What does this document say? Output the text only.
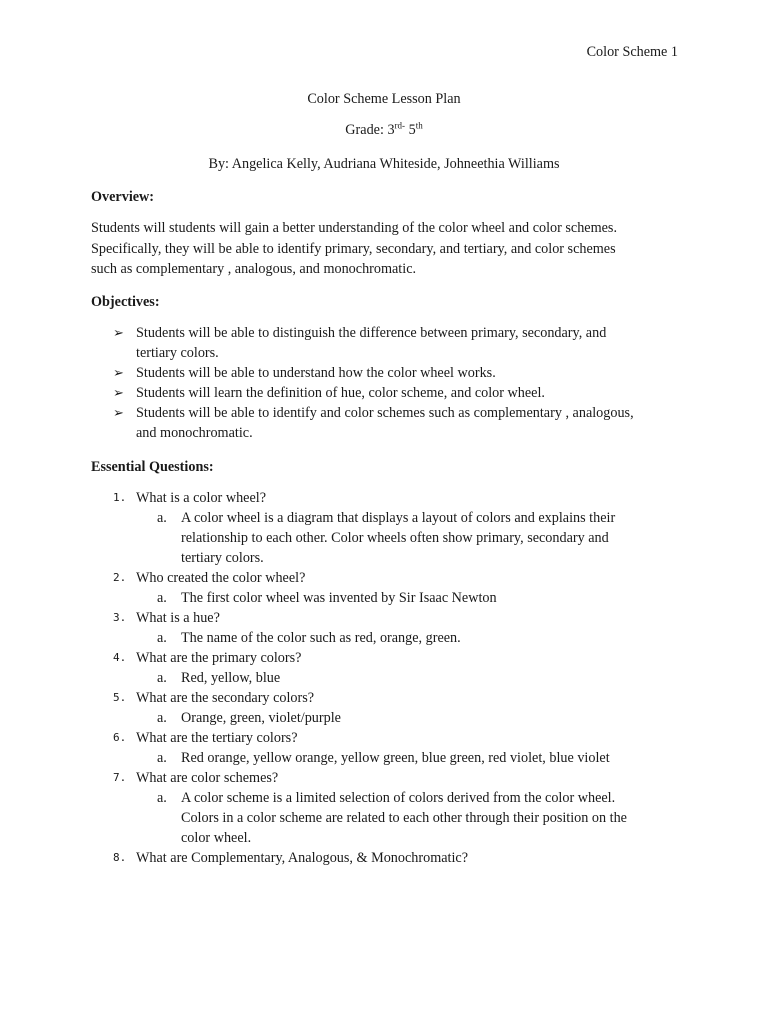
Color Scheme 1
Color Scheme Lesson Plan
Grade: $3^{rd-}$ 5th
By: Angelica Kelly, Audriana Whiteside, Johneethia Williams
Overview:
Students will students will gain a better understanding of the color wheel and color schemes.
Specifically, they will be able to identify primary, secondary, and tertiary, and color schemes
such as complementary , analogous, and monochromatic.
Objectives:
➢ Students will be able to distinguish the difference between primary, secondary, and
tertiary colors.
➢ Students will be able to understand how the color wheel works.
➢ Students will learn the definition of hue, color scheme, and color wheel.
➢ Students will be able to identify and color schemes such as complementary , analogous,
and monochromatic.
Essential Questions:
1. What is a color wheel?
a. A color wheel is a diagram that displays a layout of colors and explains their
relationship to each other. Color wheels often show primary, secondary and
tertiary colors.
2. Who created the color wheel?
a. The first color wheel was invented by Sir Isaac Newton
3. What is a hue?
a. The name of the color such as red, orange, green.
4. What are the primary colors?
a. Red, yellow, blue
5. What are the secondary colors?
a. Orange, green, violet/purple
6. What are the tertiary colors?
a. Red orange, yellow orange, yellow green, blue green, red violet, blue violet
7. What are color schemes?
a. A color scheme is a limited selection of colors derived from the color wheel.
Colors in a color scheme are related to each other through their position on the
color wheel.
8. What are Complementary, Analogous, & Monochromatic?
